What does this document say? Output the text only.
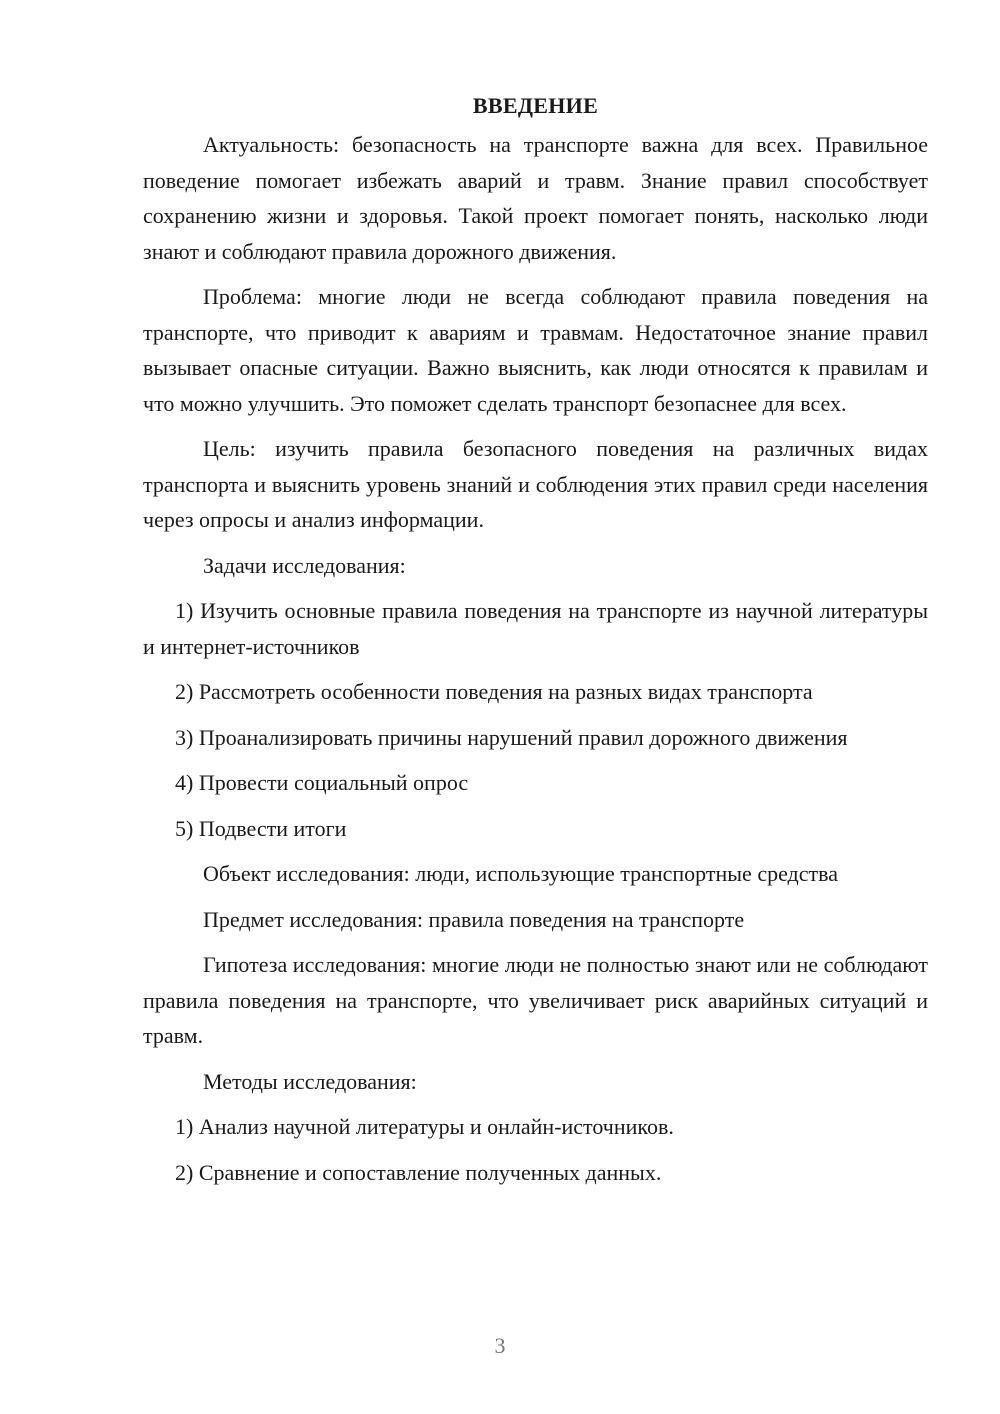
ВВЕДЕНИЕ

Актуальность: безопасность на транспорте важна для всех. Правильное поведение помогает избежать аварий и травм. Знание правил способствует сохранению жизни и здоровья. Такой проект помогает понять, насколько люди знают и соблюдают правила дорожного движения.

Проблема: многие люди не всегда соблюдают правила поведения на транспорте, что приводит к авариям и травмам. Недостаточное знание правил вызывает опасные ситуации. Важно выяснить, как люди относятся к правилам и что можно улучшить. Это поможет сделать транспорт безопаснее для всех.

Цель: изучить правила безопасного поведения на различных видах транспорта и выяснить уровень знаний и соблюдения этих правил среди населения через опросы и анализ информации.

Задачи исследования:

1) Изучить основные правила поведения на транспорте из научной литературы и интернет-источников

2) Рассмотреть особенности поведения на разных видах транспорта

3) Проанализировать причины нарушений правил дорожного движения

4) Провести социальный опрос

5) Подвести итоги

Объект исследования: люди, использующие транспортные средства

Предмет исследования: правила поведения на транспорте

Гипотеза исследования: многие люди не полностью знают или не соблюдают правила поведения на транспорте, что увеличивает риск аварийных ситуаций и травм.

Методы исследования:

1) Анализ научной литературы и онлайн-источников.

2) Сравнение и сопоставление полученных данных.

3
